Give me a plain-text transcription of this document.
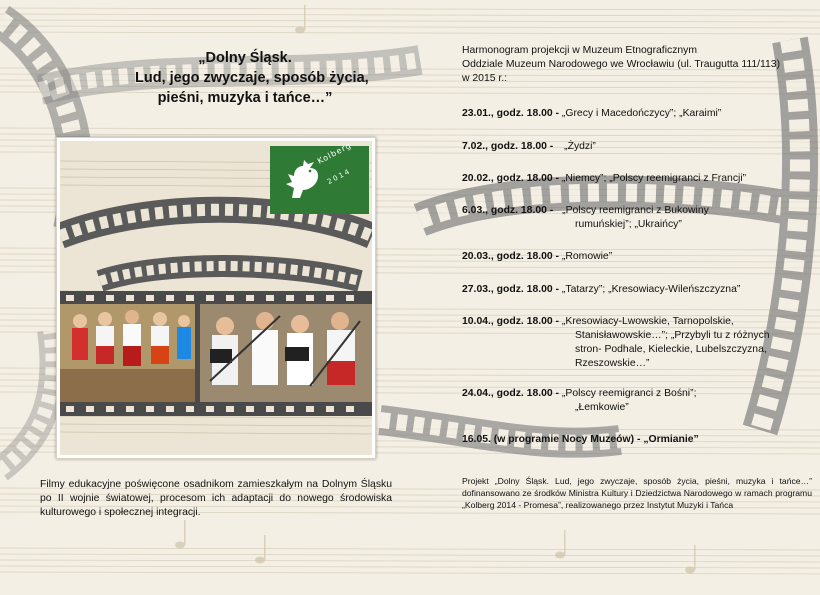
„Dolny Śląsk.
Lud, jego zwyczaje, sposób życia,
pieśni, muzyka i tańce…”
Kolberg
2014
Filmy edukacyjne poświęcone osadnikom zamieszkałym na Dolnym Śląsku po II wojnie światowej, procesom ich adaptacji do nowego środowiska kulturowego i społecznej integracji.
Harmonogram projekcji w Muzeum Etnograficznym
Oddziale Muzeum Narodowego we Wrocławiu (ul. Traugutta 111/113)
w 2015 r.:
23.01., godz. 18.00 - „Grecy i Macedończycy”; „Karaimi”
7.02., godz. 18.00 - „Żydzi”
20.02., godz. 18.00 - „Niemcy”; „Polscy reemigranci z Francji”
6.03., godz. 18.00 - „Polscy reemigranci z Bukowiny
rumuńskiej”; „Ukraińcy”
20.03., godz. 18.00 - „Romowie”
27.03., godz. 18.00 - „Tatarzy”; „Kresowiacy-Wileńszczyzna”
10.04., godz. 18.00 - „Kresowiacy-Lwowskie, Tarnopolskie,
Stanisławowskie…”; „Przybyli tu z różnych
stron- Podhale, Kieleckie, Lubelszczyzna,
Rzeszowskie…”
24.04., godz. 18.00 - „Polscy reemigranci z Bośni”;
„Łemkowie”
16.05. (w programie Nocy Muzeów) - „Ormianie”
Projekt „Dolny Śląsk. Lud, jego zwyczaje, sposób życia, pieśni, muzyka i tańce…” dofinansowano ze środków Ministra Kultury i Dziedzictwa Narodowego w ramach programu „Kolberg 2014 - Promesa”, realizowanego przez Instytut Muzyki i Tańca
